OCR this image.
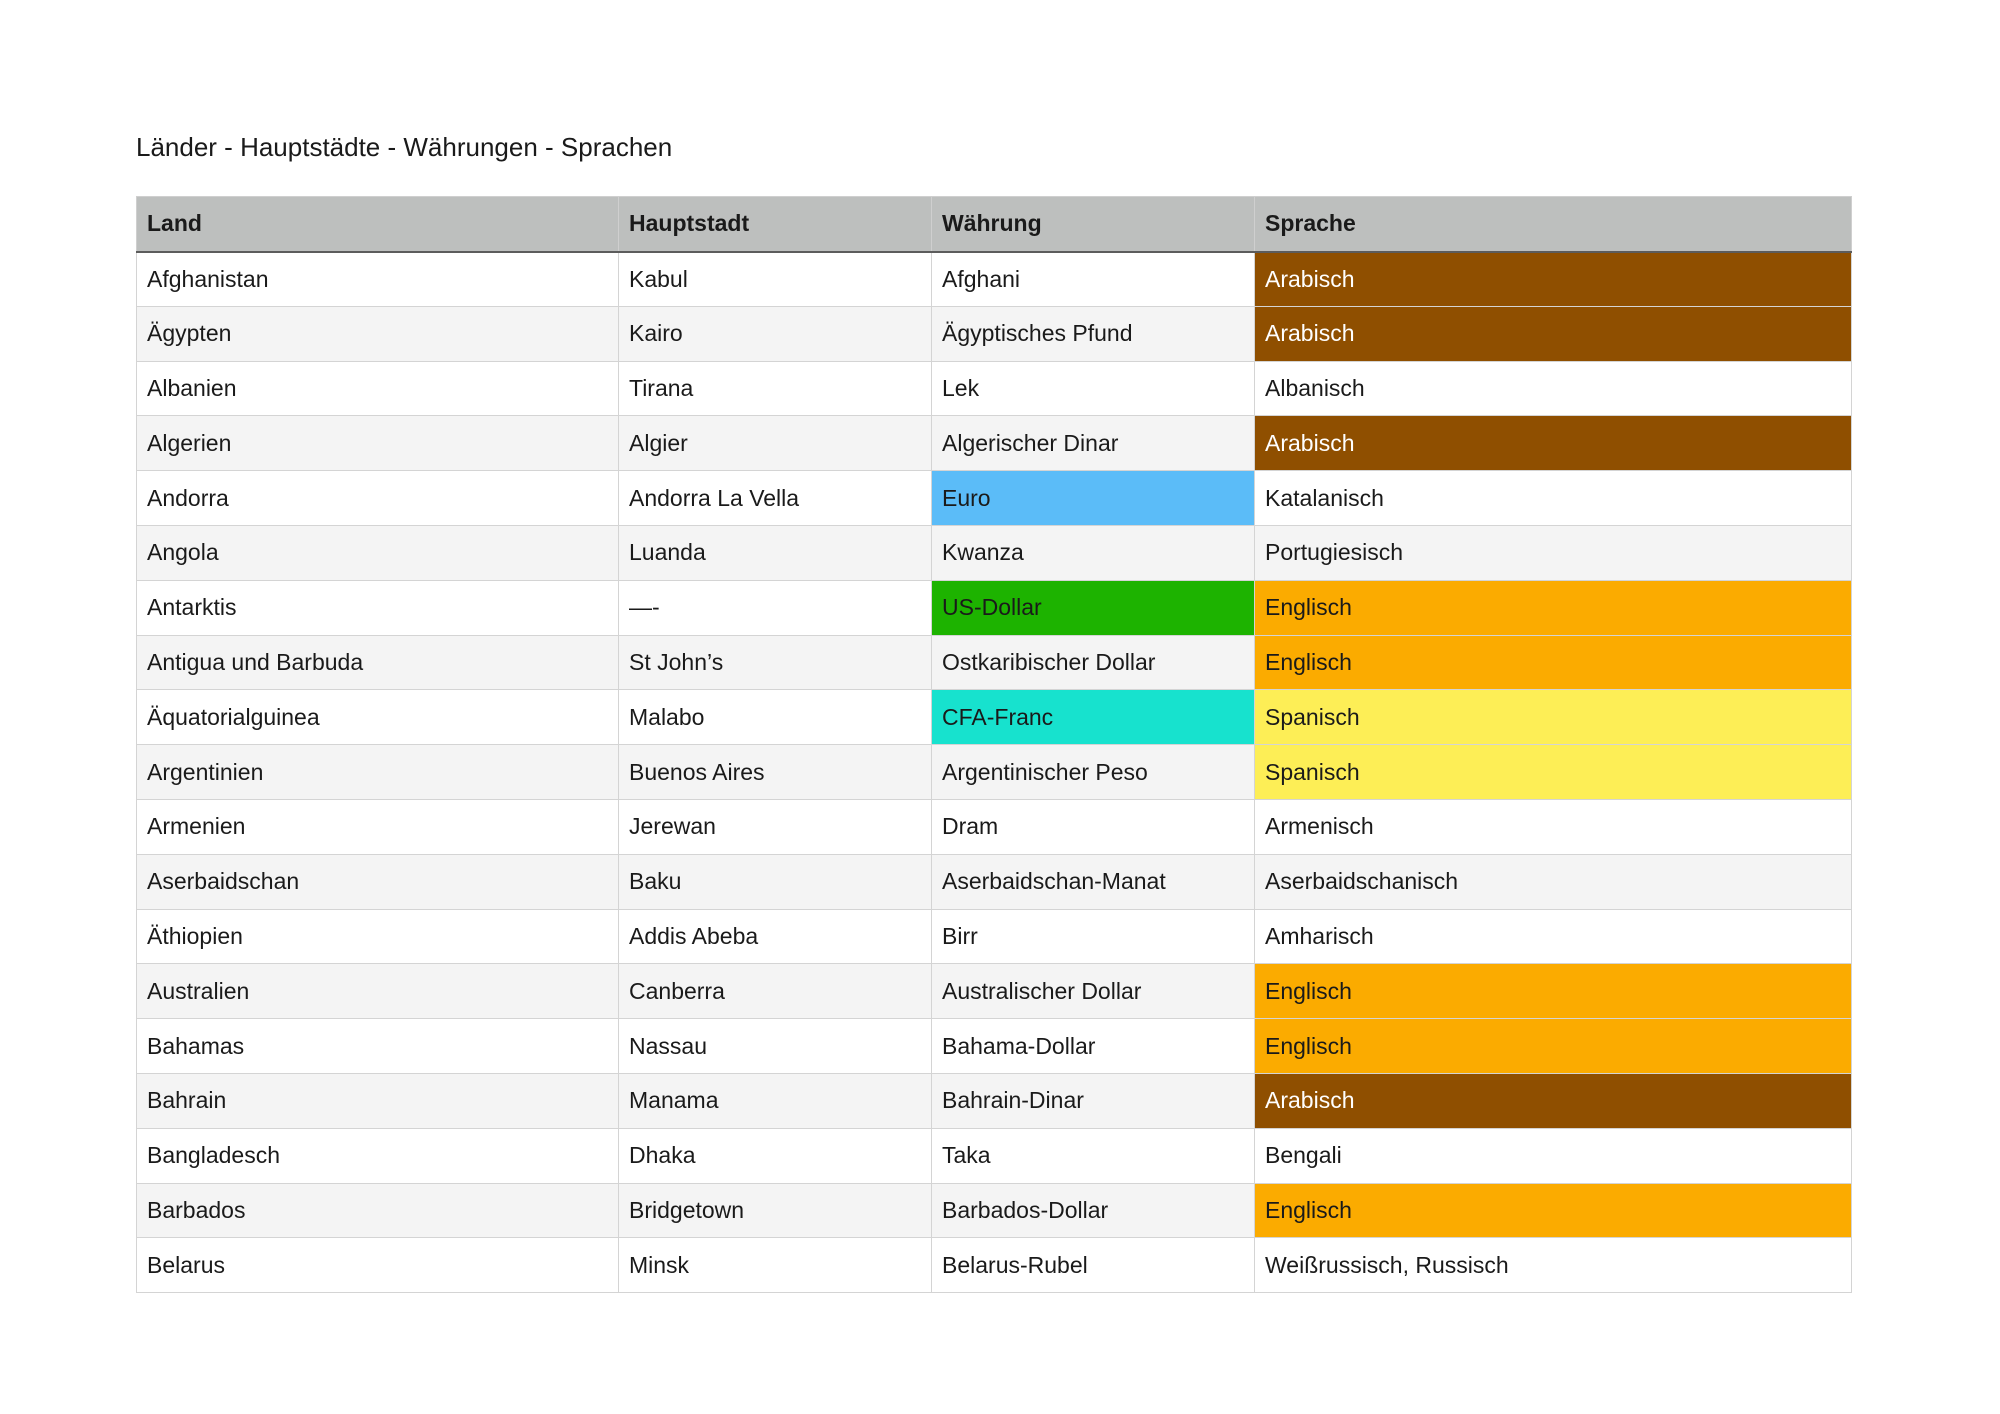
Länder - Hauptstädte - Währungen - Sprachen
Land	Hauptstadt	Währung	Sprache
Afghanistan	Kabul	Afghani	Arabisch
Ägypten	Kairo	Ägyptisches Pfund	Arabisch
Albanien	Tirana	Lek	Albanisch
Algerien	Algier	Algerischer Dinar	Arabisch
Andorra	Andorra La Vella	Euro	Katalanisch
Angola	Luanda	Kwanza	Portugiesisch
Antarktis	—-	US-Dollar	Englisch
Antigua und Barbuda	St John’s	Ostkaribischer Dollar	Englisch
Äquatorialguinea	Malabo	CFA-Franc	Spanisch
Argentinien	Buenos Aires	Argentinischer Peso	Spanisch
Armenien	Jerewan	Dram	Armenisch
Aserbaidschan	Baku	Aserbaidschan-Manat	Aserbaidschanisch
Äthiopien	Addis Abeba	Birr	Amharisch
Australien	Canberra	Australischer Dollar	Englisch
Bahamas	Nassau	Bahama-Dollar	Englisch
Bahrain	Manama	Bahrain-Dinar	Arabisch
Bangladesch	Dhaka	Taka	Bengali
Barbados	Bridgetown	Barbados-Dollar	Englisch
Belarus	Minsk	Belarus-Rubel	Weißrussisch, Russisch
